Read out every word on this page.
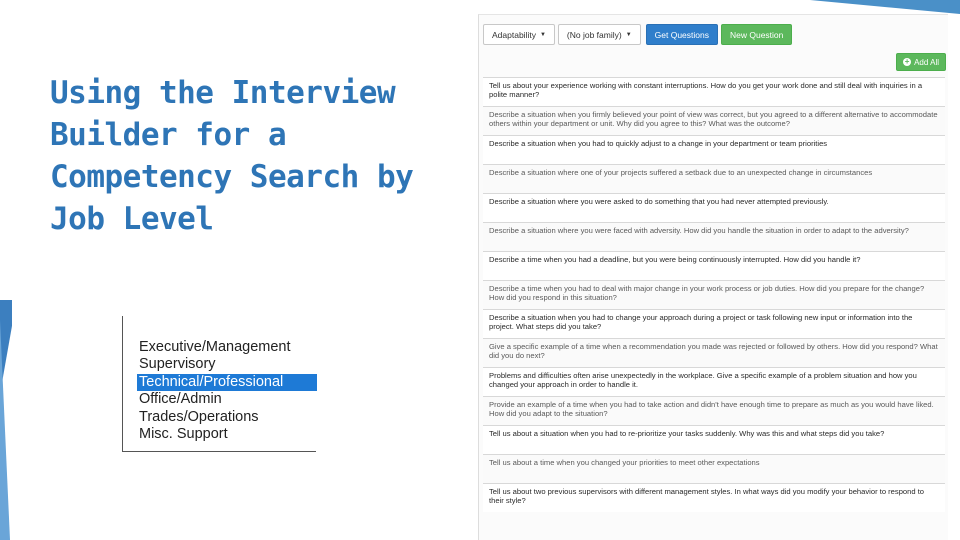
Using the Interview Builder for a Competency Search by Job Level
Executive/Management
Supervisory
Technical/Professional
Office/Admin
Trades/Operations
Misc. Support
Adaptability ▼ (No job family) ▼	Get Questions	New Question
+ Add All
Tell us about your experience working with constant interruptions. How do you get your work done and still deal with inquiries in a polite manner?
Describe a situation when you firmly believed your point of view was correct, but you agreed to a different alternative to accommodate others within your department or unit. Why did you agree to this? What was the outcome?
Describe a situation when you had to quickly adjust to a change in your department or team priorities
Describe a situation where one of your projects suffered a setback due to an unexpected change in circumstances
Describe a situation where you were asked to do something that you had never attempted previously.
Describe a situation where you were faced with adversity. How did you handle the situation in order to adapt to the adversity?
Describe a time when you had a deadline, but you were being continuously interrupted. How did you handle it?
Describe a time when you had to deal with major change in your work process or job duties. How did you prepare for the change? How did you respond in this situation?
Describe a situation when you had to change your approach during a project or task following new input or information into the project. What steps did you take?
Give a specific example of a time when a recommendation you made was rejected or followed by others. How did you respond? What did you do next?
Problems and difficulties often arise unexpectedly in the workplace. Give a specific example of a problem situation and how you changed your approach in order to handle it.
Provide an example of a time when you had to take action and didn't have enough time to prepare as much as you would have liked. How did you adapt to the situation?
Tell us about a situation when you had to re-prioritize your tasks suddenly. Why was this and what steps did you take?
Tell us about a time when you changed your priorities to meet other expectations
Tell us about two previous supervisors with different management styles. In what ways did you modify your behavior to respond to their style?
